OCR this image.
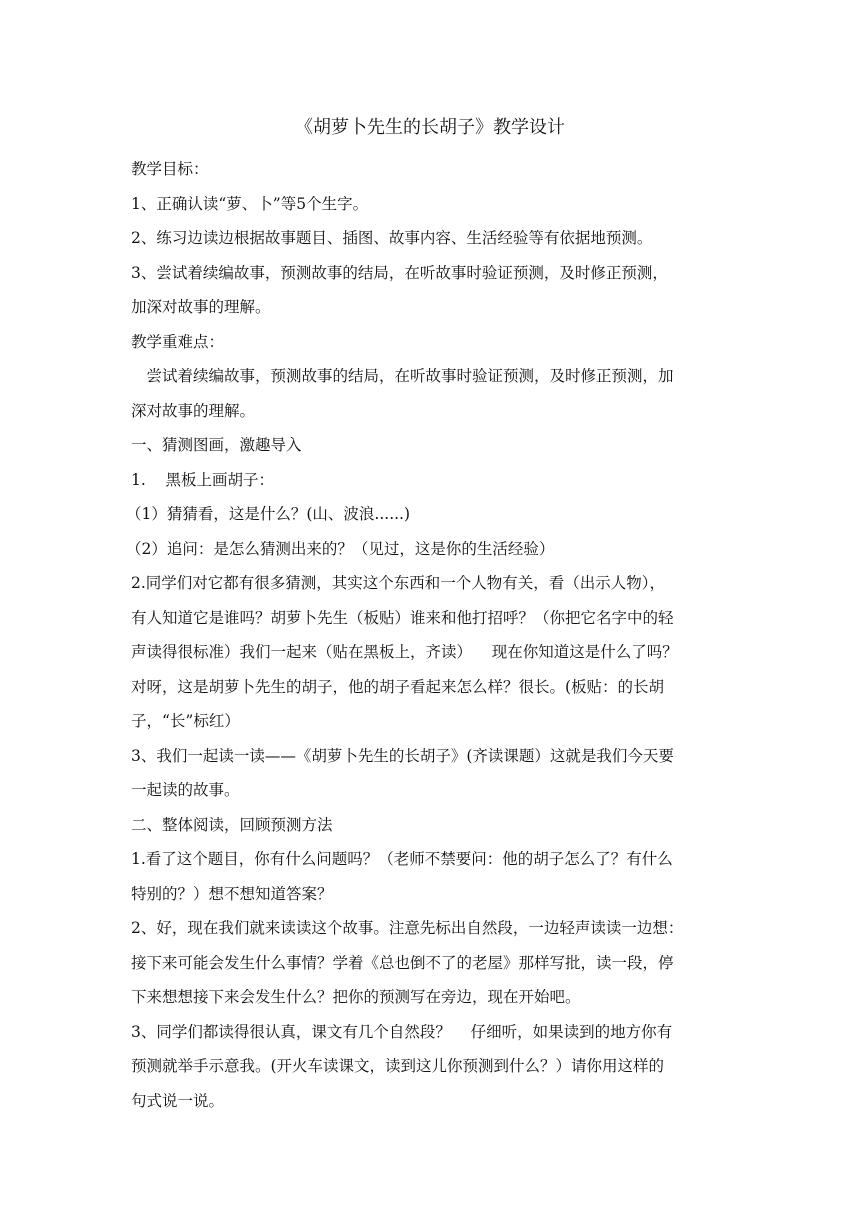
《胡萝卜先生的长胡子》教学设计

教学目标：

1、正确认读“萝、卜”等5个生字。

2、练习边读边根据故事题目、插图、故事内容、生活经验等有依据地预测。

3、尝试着续编故事，预测故事的结局，在听故事时验证预测，及时修正预测，

加深对故事的理解。

教学重难点：

尝试着续编故事，预测故事的结局，在听故事时验证预测，及时修正预测，加

深对故事的理解。

一、猜测图画，激趣导入

1.    黑板上画胡子：

（1）猜猜看，这是什么？(山、波浪......)

（2）追问：是怎么猜测出来的？（见过，这是你的生活经验）

2.同学们对它都有很多猜测，其实这个东西和一个人物有关，看（出示人物），

有人知道它是谁吗？胡萝卜先生（板贴）谁来和他打招呼？（你把它名字中的轻

声读得很标准）我们一起来（贴在黑板上，齐读）    现在你知道这是什么了吗？

对呀，这是胡萝卜先生的胡子，他的胡子看起来怎么样？很长。(板贴：的长胡

子，“长”标红）

3、我们一起读一读——《胡萝卜先生的长胡子》(齐读课题）这就是我们今天要

一起读的故事。

二、整体阅读，回顾预测方法

1.看了这个题目，你有什么问题吗？（老师不禁要问：他的胡子怎么了？有什么

特别的？）想不想知道答案？

2、好，现在我们就来读读这个故事。注意先标出自然段，一边轻声读读一边想：

接下来可能会发生什么事情？学着《总也倒不了的老屋》那样写批，读一段，停

下来想想接下来会发生什么？把你的预测写在旁边，现在开始吧。

3、同学们都读得很认真，课文有几个自然段？    仔细听，如果读到的地方你有

预测就举手示意我。(开火车读课文，读到这儿你预测到什么？）请你用这样的

句式说一说。
